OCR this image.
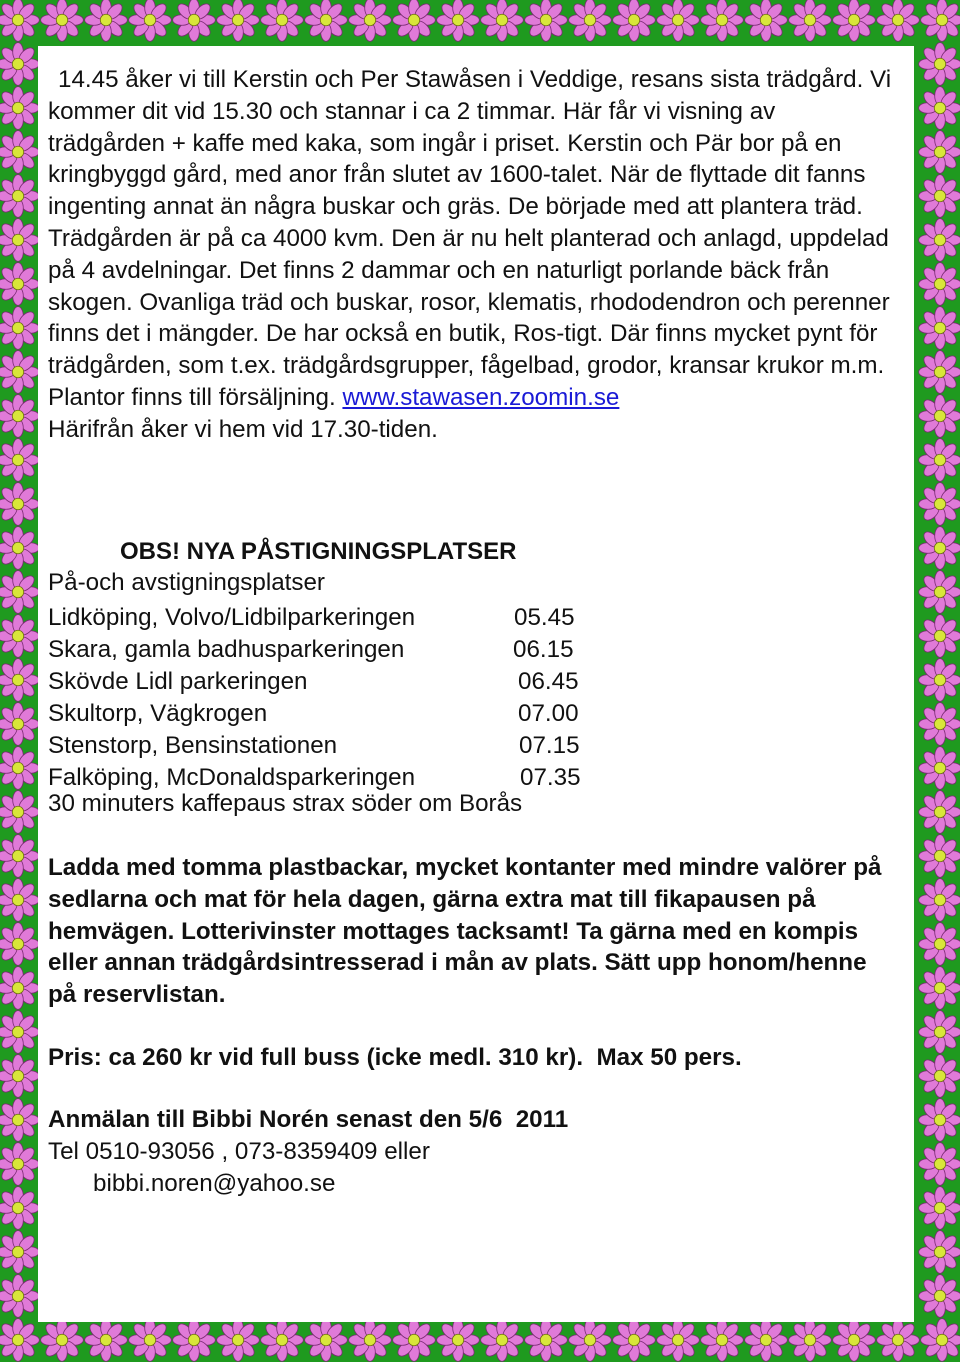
14.45 åker vi till Kerstin och Per Stawåsen i Veddige, resans sista trädgård. Vi kommer dit vid 15.30 och stannar i ca 2 timmar. Här får vi visning av trädgården + kaffe med kaka, som ingår i priset. Kerstin och Pär bor på en kringbyggd gård, med anor från slutet av 1600-talet. När de flyttade dit fanns ingenting annat än några buskar och gräs. De började med att plantera träd. Trädgården är på ca 4000 kvm. Den är nu helt planterad och anlagd, uppdelad på 4 avdelningar. Det finns 2 dammar och en naturligt porlande bäck från skogen. Ovanliga träd och buskar, rosor, klematis, rhododendron och perenner finns det i mängder. De har också en butik, Ros-tigt. Där finns mycket pynt för trädgården, som t.ex. trädgårdsgrupper, fågelbad, grodor, kransar krukor m.m. Plantor finns till försäljning. www.stawasen.zoomin.se
Härifrån åker vi hem vid 17.30-tiden.

OBS! NYA PÅSTIGNINGSPLATSER

På-och avstigningsplatser

Lidköping, Volvo/Lidbilparkeringen	05.45
Skara, gamla badhusparkeringen	06.15
Skövde Lidl parkeringen	06.45
Skultorp, Vägkrogen	07.00
Stenstorp, Bensinstationen	07.15
Falköping, McDonaldsparkeringen	07.35

30 minuters kaffepaus strax söder om Borås

Ladda med tomma plastbackar, mycket kontanter med mindre valörer på sedlarna och mat för hela dagen, gärna extra mat till fikapausen på hemvägen. Lotterivinster mottages tacksamt! Ta gärna med en kompis eller annan trädgårdsintresserad i mån av plats. Sätt upp honom/henne på reservlistan.

Pris: ca 260 kr vid full buss (icke medl. 310 kr).  Max 50 pers.

Anmälan till Bibbi Norén senast den 5/6  2011

Tel 0510-93056 , 073-8359409 eller

bibbi.noren@yahoo.se
